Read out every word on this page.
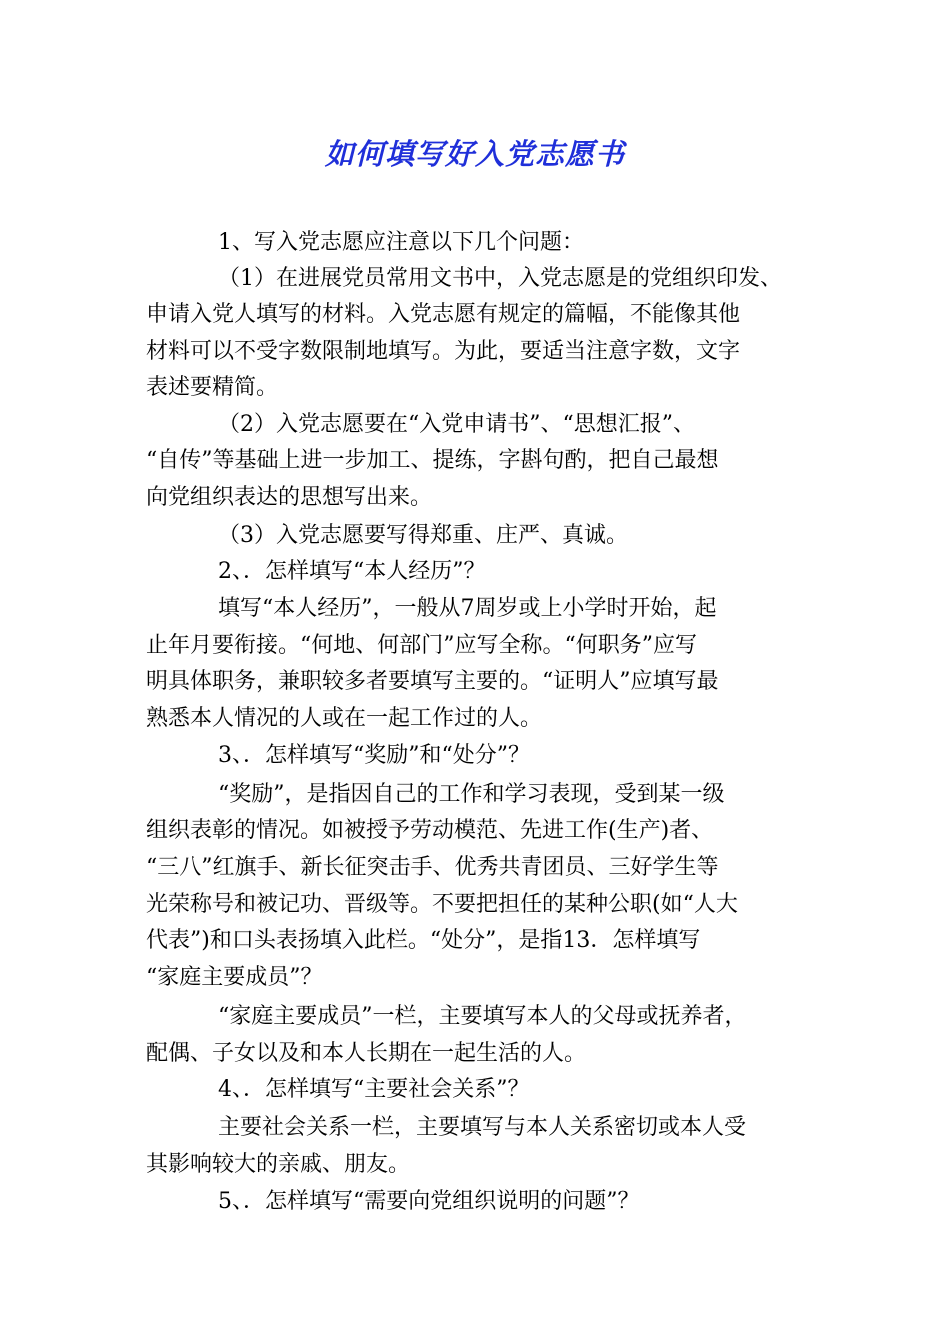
如何填写好入党志愿书
1、写入党志愿应注意以下几个问题：
（1）在进展党员常用文书中，入党志愿是的党组织印发、
申请入党人填写的材料。入党志愿有规定的篇幅，不能像其他
材料可以不受字数限制地填写。为此，要适当注意字数，文字
表述要精简。
（2）入党志愿要在“入党申请书”、“思想汇报”、
“自传”等基础上进一步加工、提练，字斟句酌，把自己最想
向党组织表达的思想写出来。
（3）入党志愿要写得郑重、庄严、真诚。
2、．怎样填写“本人经历”？
填写“本人经历”，一般从7周岁或上小学时开始，起
止年月要衔接。“何地、何部门”应写全称。“何职务”应写
明具体职务，兼职较多者要填写主要的。“证明人”应填写最
熟悉本人情况的人或在一起工作过的人。
3、．怎样填写“奖励”和“处分”？
“奖励”，是指因自己的工作和学习表现，受到某一级
组织表彰的情况。如被授予劳动模范、先进工作(生产)者、
“三八”红旗手、新长征突击手、优秀共青团员、三好学生等
光荣称号和被记功、晋级等。不要把担任的某种公职(如“人大
代表”)和口头表扬填入此栏。“处分”，是指13．怎样填写
“家庭主要成员”？
“家庭主要成员”一栏，主要填写本人的父母或抚养者，
配偶、子女以及和本人长期在一起生活的人。
4、．怎样填写“主要社会关系”？
主要社会关系一栏，主要填写与本人关系密切或本人受
其影响较大的亲戚、朋友。
5、．怎样填写“需要向党组织说明的问题”？
